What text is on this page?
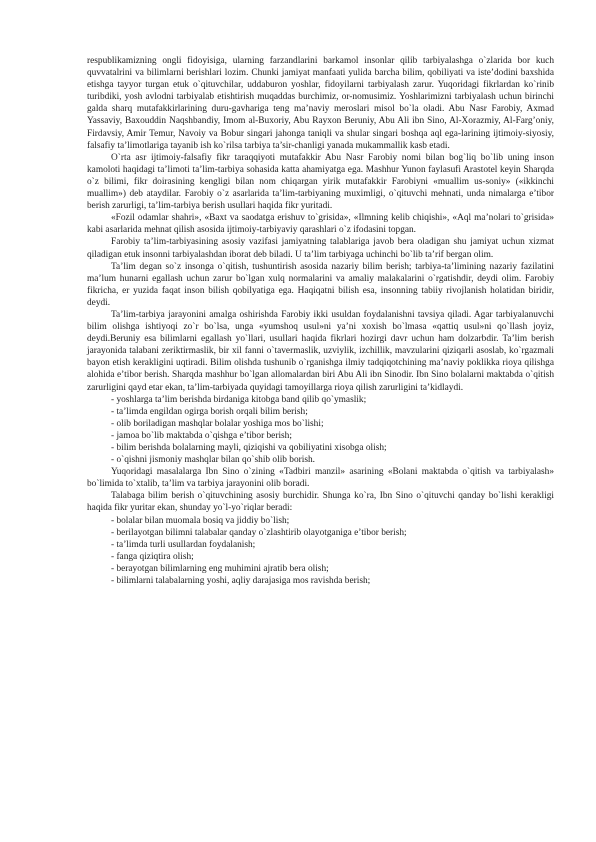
respublikamizning ongli fidoyisiga, ularning farzandlarini barkamol insonlar qilib tarbiyalashga o`zlarida bor kuch quvvatalrini va bilimlarni berishlari lozim. Chunki jamiyat manfaati yulida barcha bilim, qobiliyati va iste’dodini baxshida etishga tayyor turgan etuk o`qituvchilar, uddaburon yoshlar, fidoyilarni tarbiyalash zarur. Yuqoridagi fikrlardan ko`rinib turibdiki, yosh avlodni tarbiyalab etishtirish muqaddas burchimiz, or-nomusimiz. Yoshlarimizni tarbiyalash uchun birinchi galda sharq mutafakkirlarining duru-gavhariga teng ma’naviy meroslari misol bo`la oladi. Abu Nasr Farobiy, Axmad Yassaviy, Baxouddin Naqshbandiy, Imom al-Buxoriy, Abu Rayxon Beruniy, Abu Ali ibn Sino, Al-Xorazmiy, Al-Farg’oniy, Firdavsiy, Amir Temur, Navoiy va Bobur singari jahonga taniqli va shular singari boshqa aql ega-larining ijtimoiy-siyosiy, falsafiy ta’limotlariga tayanib ish ko`rilsa tarbiya ta’sir-chanligi yanada mukammallik kasb etadi.

O`rta asr ijtimoiy-falsafiy fikr taraqqiyoti mutafakkir Abu Nasr Farobiy nomi bilan bog`liq bo`lib uning inson kamoloti haqidagi ta’limoti ta’lim-tarbiya sohasida katta ahamiyatga ega. Mashhur Yunon faylasufi Arastotel keyin Sharqda o`z bilimi, fikr doirasining kengligi bilan nom chiqargan yirik mutafakkir Farobiyni «muallim us-soniy» («ikkinchi muallim») deb ataydilar. Farobiy o`z asarlarida ta’lim-tarbiyaning muximligi, o`qituvchi mehnati, unda nimalarga e’tibor berish zarurligi, ta’lim-tarbiya berish usullari haqida fikr yuritadi.

«Fozil odamlar shahri», «Baxt va saodatga erishuv to`grisida», «Ilmning kelib chiqishi», «Aql ma’nolari to`grisida» kabi asarlarida mehnat qilish asosida ijtimoiy-tarbiyaviy qarashlari o`z ifodasini topgan.

Farobiy ta’lim-tarbiyasining asosiy vazifasi jamiyatning talablariga javob bera oladigan shu jamiyat uchun xizmat qiladigan etuk insonni tarbiyalashdan iborat deb biladi. U ta’lim tarbiyaga uchinchi bo`lib ta’rif bergan olim.

Ta’lim degan so`z insonga o`qitish, tushuntirish asosida nazariy bilim berish; tarbiya-ta’limining nazariy fazilatini ma’lum hunarni egallash uchun zarur bo`lgan xulq normalarini va amaliy malakalarini o`rgatishdir, deydi olim. Farobiy fikricha, er yuzida faqat inson bilish qobilyatiga ega. Haqiqatni bilish esa, insonning tabiiy rivojlanish holatidan biridir, deydi.

Ta’lim-tarbiya jarayonini amalga oshirishda Farobiy ikki usuldan foydalanishni tavsiya qiladi. Agar tarbiyalanuvchi bilim olishga ishtiyoqi zo`r bo`lsa, unga «yumshoq usul»ni ya’ni xoxish bo`lmasa «qattiq usul»ni qo`llash joyiz, deydi.Beruniy esa bilimlarni egallash yo`llari, usullari haqida fikrlari hozirgi davr uchun ham dolzarbdir. Ta’lim berish jarayonida talabani zeriktirmaslik, bir xil fanni o`tavermaslik, uzviylik, izchillik, mavzularini qiziqarli asoslab, ko`rgazmali bayon etish kerakligini uqtiradi. Bilim olishda tushunib o`rganishga ilmiy tadqiqotchining ma’naviy poklikka rioya qilishga alohida e’tibor berish. Sharqda mashhur bo`lgan allomalardan biri Abu Ali ibn Sinodir. Ibn Sino bolalarni maktabda o`qitish zarurligini qayd etar ekan, ta’lim-tarbiyada quyidagi tamoyillarga rioya qilish zarurligini ta’kidlaydi.

- yoshlarga ta’lim berishda birdaniga kitobga band qilib qo`ymaslik;
- ta’limda engildan ogirga borish orqali bilim berish;
- olib boriladigan mashqlar bolalar yoshiga mos bo`lishi;
- jamoa bo`lib maktabda o`qishga e’tibor berish;
- bilim berishda bolalarning mayli, qiziqishi va qobiliyatini xisobga olish;
- o`qishni jismoniy mashqlar bilan qo`shib olib borish.

Yuqoridagi masalalarga Ibn Sino o`zining «Tadbiri manzil» asarining «Bolani maktabda o`qitish va tarbiyalash» bo`limida to`xtalib, ta’lim va tarbiya jarayonini olib boradi.

Talabaga bilim berish o`qituvchining asosiy burchidir. Shunga ko`ra, Ibn Sino o`qituvchi qanday bo`lishi kerakligi haqida fikr yuritar ekan, shunday yo`l-yo`riqlar beradi:

- bolalar bilan muomala bosiq va jiddiy bo`lish;
- berilayotgan bilimni talabalar qanday o`zlashtirib olayotganiga e’tibor berish;
- ta’limda turli usullardan foydalanish;
- fanga qiziqtira olish;
- berayotgan bilimlarning eng muhimini ajratib bera olish;
- bilimlarni talabalarning yoshi, aqliy darajasiga mos ravishda berish;
